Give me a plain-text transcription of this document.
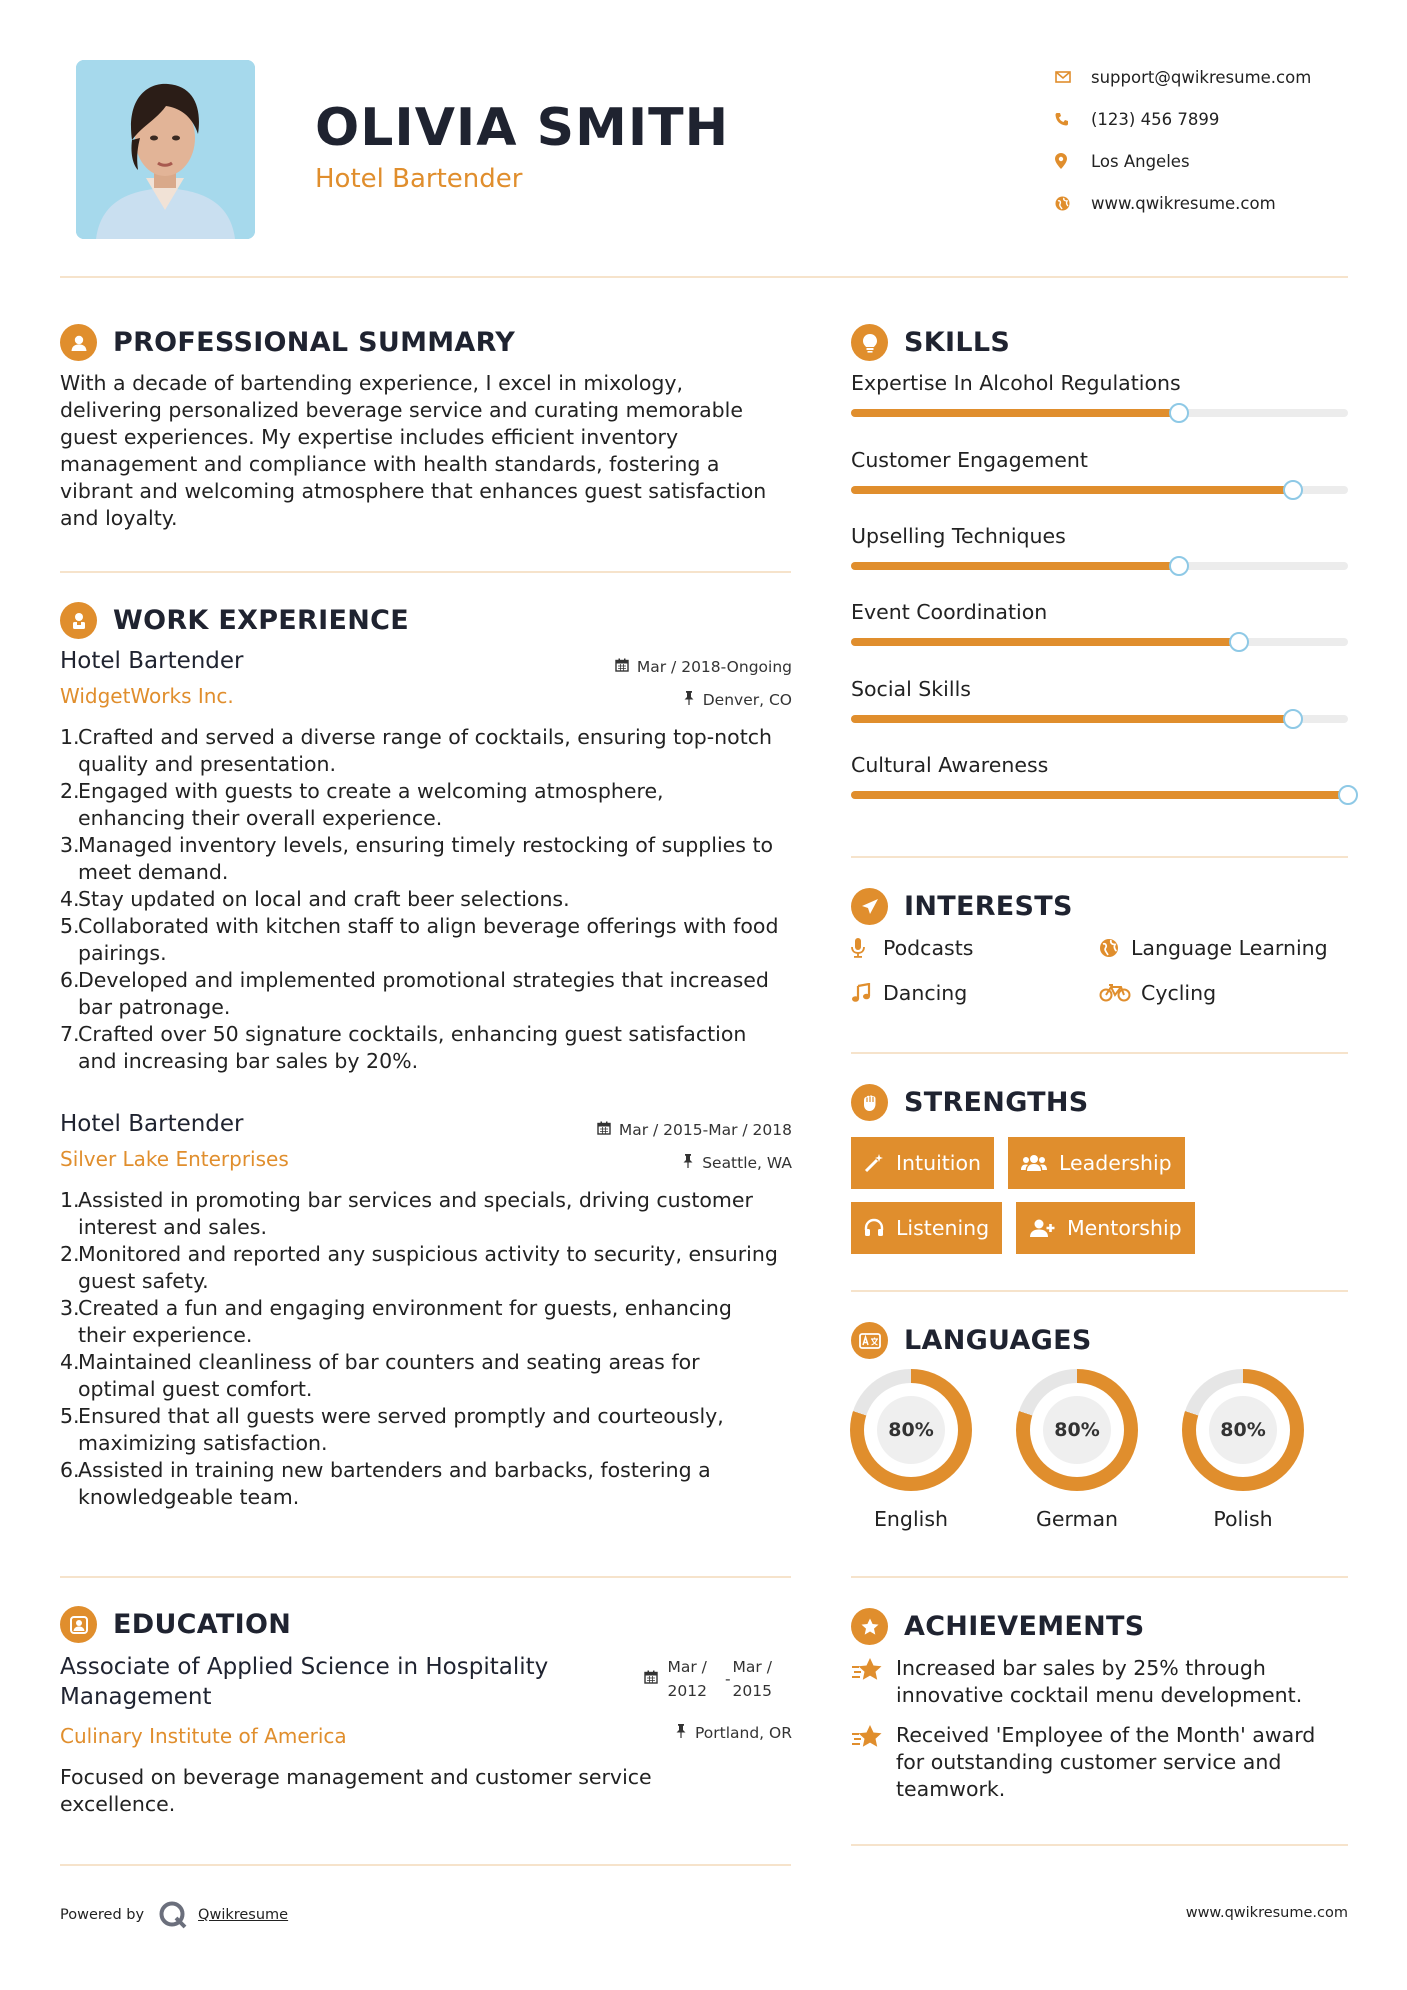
OLIVIA SMITH
Hotel Bartender
support@qwikresume.com
(123) 456 7899
Los Angeles
www.qwikresume.com
PROFESSIONAL SUMMARY
With a decade of bartending experience, I excel in mixology,
delivering personalized beverage service and curating memorable
guest experiences. My expertise includes efficient inventory
management and compliance with health standards, fostering a
vibrant and welcoming atmosphere that enhances guest satisfaction
and loyalty.
WORK EXPERIENCE
Hotel Bartender
WidgetWorks Inc.
Mar / 2018-Ongoing
Denver, CO
1.
Crafted and served a diverse range of cocktails, ensuring top-notch
quality and presentation.
2.
Engaged with guests to create a welcoming atmosphere,
enhancing their overall experience.
3.
Managed inventory levels, ensuring timely restocking of supplies to
meet demand.
4.
Stay updated on local and craft beer selections.
5.
Collaborated with kitchen staff to align beverage offerings with food
pairings.
6.
Developed and implemented promotional strategies that increased
bar patronage.
7.
Crafted over 50 signature cocktails, enhancing guest satisfaction
and increasing bar sales by 20%.
Hotel Bartender
Silver Lake Enterprises
Mar / 2015-Mar / 2018
Seattle, WA
1.
Assisted in promoting bar services and specials, driving customer
interest and sales.
2.
Monitored and reported any suspicious activity to security, ensuring
guest safety.
3.
Created a fun and engaging environment for guests, enhancing
their experience.
4.
Maintained cleanliness of bar counters and seating areas for
optimal guest comfort.
5.
Ensured that all guests were served promptly and courteously,
maximizing satisfaction.
6.
Assisted in training new bartenders and barbacks, fostering a
knowledgeable team.
EDUCATION
Associate of Applied Science in Hospitality
Management
Culinary Institute of America
Mar /
2012
-
Mar /
2015
Portland, OR
Focused on beverage management and customer service
excellence.
SKILLS
Expertise In Alcohol Regulations
Customer Engagement
Upselling Techniques
Event Coordination
Social Skills
Cultural Awareness
INTERESTS
Podcasts	Language Learning
Dancing	Cycling
STRENGTHS
Intuition	Leadership
Listening	Mentorship
LANGUAGES
80%
English
80%
German
80%
Polish
ACHIEVEMENTS
Increased bar sales by 25% through
innovative cocktail menu development.
Received 'Employee of the Month' award
for outstanding customer service and
teamwork.
Powered by	Qwikresume	www.qwikresume.com
